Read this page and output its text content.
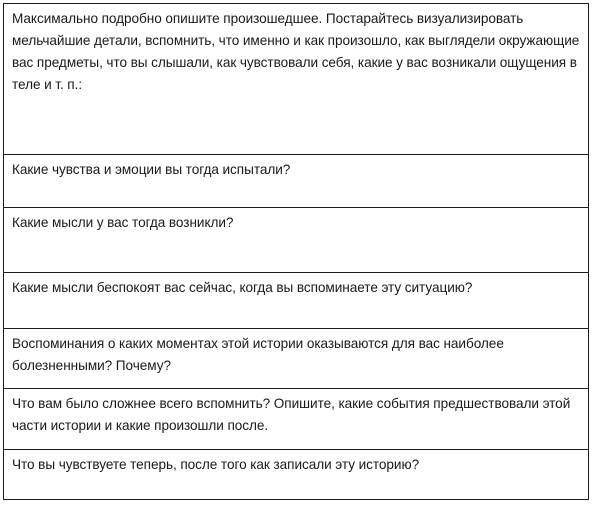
Максимально подробно опишите произошедшее. Постарайтесь визуализировать мельчайшие детали, вспомнить, что именно и как произошло, как выглядели окружающие вас предметы, что вы слышали, как чувствовали себя, какие у вас возникали ощущения в теле и т. п.:

Какие чувства и эмоции вы тогда испытали?

Какие мысли у вас тогда возникли?

Какие мысли беспокоят вас сейчас, когда вы вспоминаете эту ситуацию?

Воспоминания о каких моментах этой истории оказываются для вас наиболее болезненными? Почему?

Что вам было сложнее всего вспомнить? Опишите, какие события предшествовали этой части истории и какие произошли после.

Что вы чувствуете теперь, после того как записали эту историю?
